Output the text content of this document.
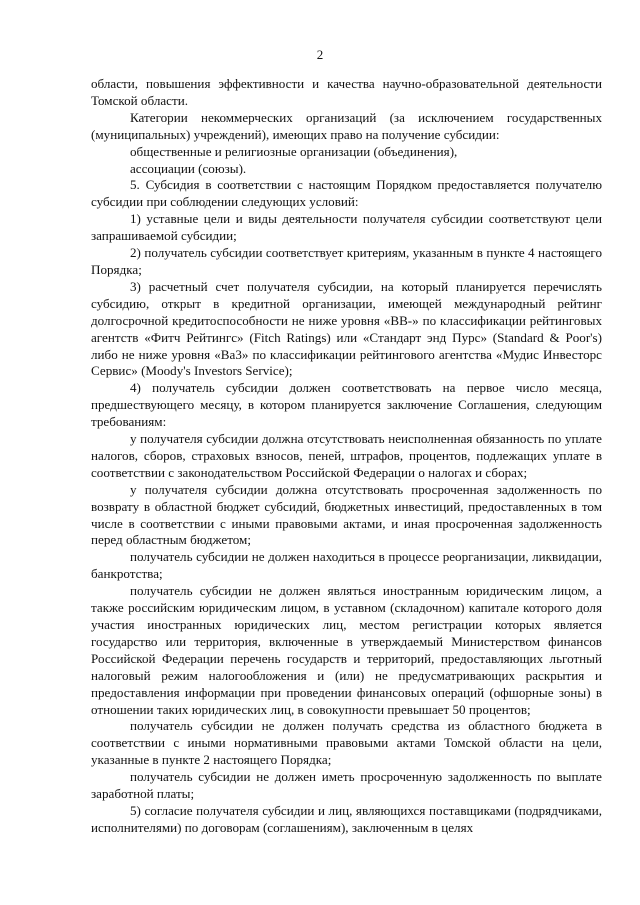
2

области, повышения эффективности и качества научно-образовательной деятельности Томской области.

Категории некоммерческих организаций (за исключением государственных (муниципальных) учреждений), имеющих право на получение субсидии:

общественные и религиозные организации (объединения),

ассоциации (союзы).

5. Субсидия в соответствии с настоящим Порядком предоставляется получателю субсидии при соблюдении следующих условий:

1) уставные цели и виды деятельности получателя субсидии соответствуют цели запрашиваемой субсидии;

2) получатель субсидии соответствует критериям, указанным в пункте 4 настоящего Порядка;

3) расчетный счет получателя субсидии, на который планируется перечислять субсидию, открыт в кредитной организации, имеющей международный рейтинг долгосрочной кредитоспособности не ниже уровня «ВВ-» по классификации рейтинговых агентств «Фитч Рейтингс» (Fitch Ratings) или «Стандарт энд Пурс» (Standard & Poor's) либо не ниже уровня «Ba3» по классификации рейтингового агентства «Мудис Инвесторс Сервис» (Moody's Investors Service);

4) получатель субсидии должен соответствовать на первое число месяца, предшествующего месяцу, в котором планируется заключение Соглашения, следующим требованиям:

у получателя субсидии должна отсутствовать неисполненная обязанность по уплате налогов, сборов, страховых взносов, пеней, штрафов, процентов, подлежащих уплате в соответствии с законодательством Российской Федерации о налогах и сборах;

у получателя субсидии должна отсутствовать просроченная задолженность по возврату в областной бюджет субсидий, бюджетных инвестиций, предоставленных в том числе в соответствии с иными правовыми актами, и иная просроченная задолженность перед областным бюджетом;

получатель субсидии не должен находиться в процессе реорганизации, ликвидации, банкротства;

получатель субсидии не должен являться иностранным юридическим лицом, а также российским юридическим лицом, в уставном (складочном) капитале которого доля участия иностранных юридических лиц, местом регистрации которых является государство или территория, включенные в утверждаемый Министерством финансов Российской Федерации перечень государств и территорий, предоставляющих льготный налоговый режим налогообложения и (или) не предусматривающих раскрытия и предоставления информации при проведении финансовых операций (офшорные зоны) в отношении таких юридических лиц, в совокупности превышает 50 процентов;

получатель субсидии не должен получать средства из областного бюджета в соответствии с иными нормативными правовыми актами Томской области на цели, указанные в пункте 2 настоящего Порядка;

получатель субсидии не должен иметь просроченную задолженность по выплате заработной платы;

5) согласие получателя субсидии и лиц, являющихся поставщиками (подрядчиками, исполнителями) по договорам (соглашениям), заключенным в целях
